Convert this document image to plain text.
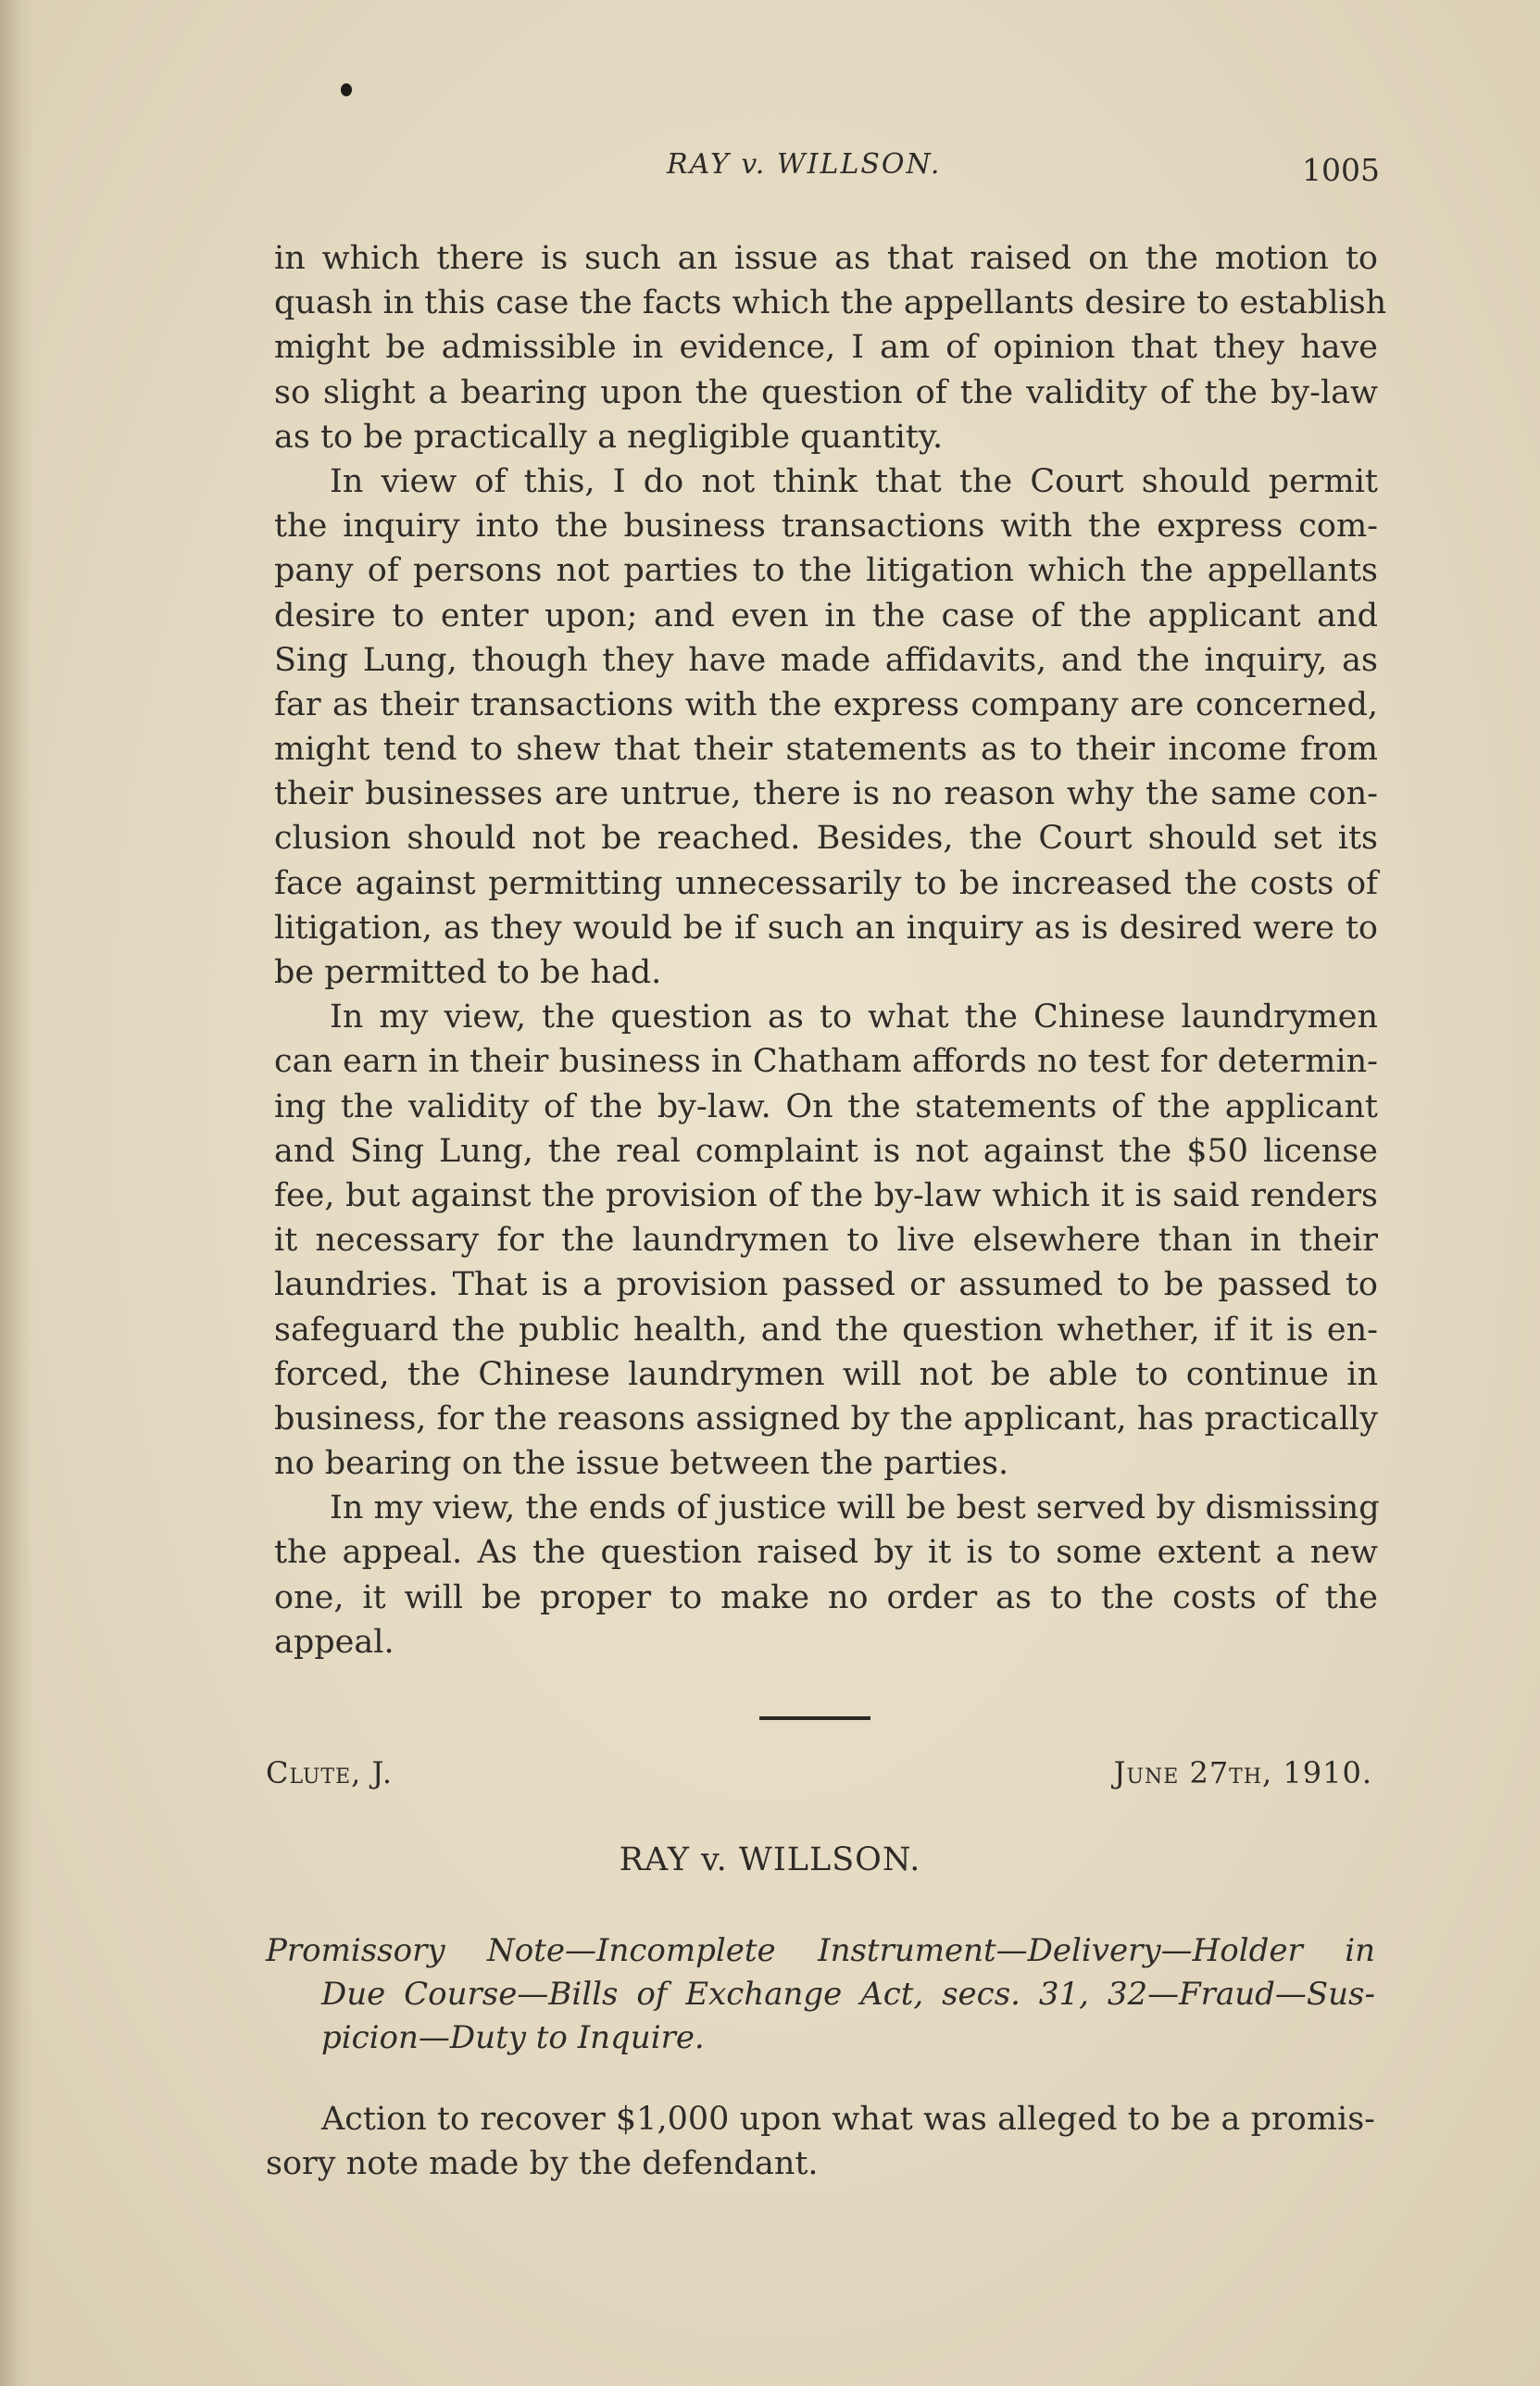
RAY v. WILLSON.	1005
in which there is such an issue as that raised on the motion to
quash in this case the facts which the appellants desire to establish
might be admissible in evidence, I am of opinion that they have
so slight a bearing upon the question of the validity of the by-law
as to be practically a negligible quantity.
In view of this, I do not think that the Court should permit
the inquiry into the business transactions with the express com-
pany of persons not parties to the litigation which the appellants
desire to enter upon; and even in the case of the applicant and
Sing Lung, though they have made affidavits, and the inquiry, as
far as their transactions with the express company are concerned,
might tend to shew that their statements as to their income from
their businesses are untrue, there is no reason why the same con-
clusion should not be reached. Besides, the Court should set its
face against permitting unnecessarily to be increased the costs of
litigation, as they would be if such an inquiry as is desired were to
be permitted to be had.
In my view, the question as to what the Chinese laundrymen
can earn in their business in Chatham affords no test for determin-
ing the validity of the by-law. On the statements of the applicant
and Sing Lung, the real complaint is not against the $50 license
fee, but against the provision of the by-law which it is said renders
it necessary for the laundrymen to live elsewhere than in their
laundries. That is a provision passed or assumed to be passed to
safeguard the public health, and the question whether, if it is en-
forced, the Chinese laundrymen will not be able to continue in
business, for the reasons assigned by the applicant, has practically
no bearing on the issue between the parties.
In my view, the ends of justice will be best served by dismissing
the appeal. As the question raised by it is to some extent a new
one, it will be proper to make no order as to the costs of the
appeal.
Clute, J.	June 27th, 1910.
RAY v. WILLSON.
Promissory Note—Incomplete Instrument—Delivery—Holder in
Due Course—Bills of Exchange Act, secs. 31, 32—Fraud—Sus-
picion—Duty to Inquire.
Action to recover $1,000 upon what was alleged to be a promis-
sory note made by the defendant.
